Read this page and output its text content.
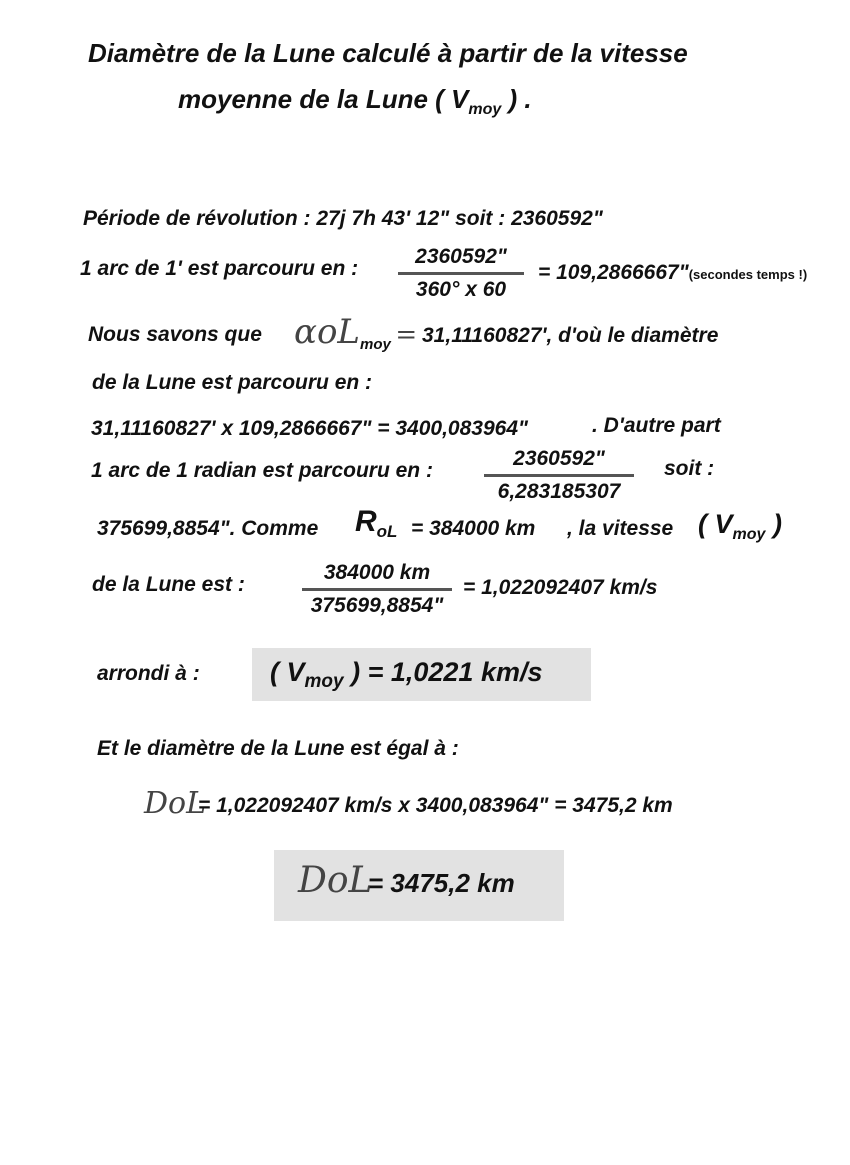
Diamètre de la Lune calculé à partir de la vitesse
moyenne de la Lune ( $V_{moy}$ ) .
Période de révolution : 27j 7h 43' 12" soit : 2360592"
1 arc de 1' est parcouru en :
2360592"
360° x 60
= 109,2866667"(secondes temps !)
Nous savons que αoLmoy = 31,11160827', d'où le diamètre
de la Lune est parcouru en :
31,11160827' x 109,2866667" = 3400,083964"	. D'autre part
1 arc de 1 radian est parcouru en :
2360592"
6,283185307
soit :
375699,8854". Comme RoL = 384000 km , la vitesse ( $V_{moy}$ )
de la Lune est :
384000 km
375699,8854"
= 1,022092407 km/s
arrondi à :	( $V_{moy}$ ) = 1,0221 km/s
Et le diamètre de la Lune est égal à :
DoL
= 1,022092407 km/s x 3400,083964" = 3475,2 km
DoL
= 3475,2 km
